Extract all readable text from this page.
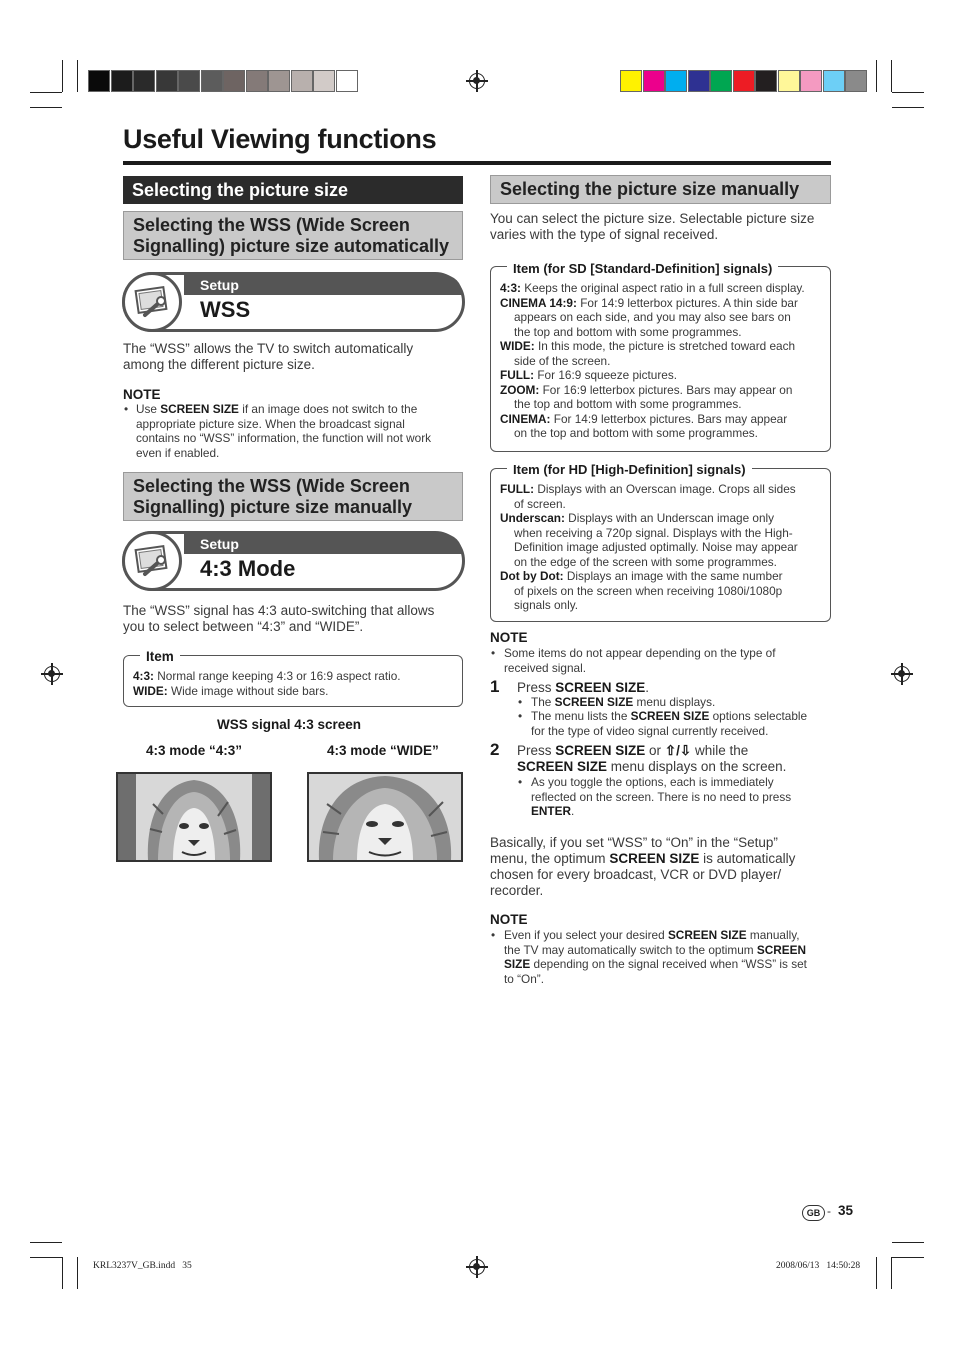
Useful Viewing functions
Selecting the picture size
Selecting the WSS (Wide Screen
Signalling) picture size automatically
Setup
WSS
The “WSS” allows the TV to switch automatically
among the different picture size.
NOTE
• Use SCREEN SIZE if an image does not switch to the
appropriate picture size. When the broadcast signal
contains no “WSS” information, the function will not work
even if enabled.
Selecting the WSS (Wide Screen
Signalling) picture size manually
Setup
4:3 Mode
The “WSS” signal has 4:3 auto-switching that allows
you to select between “4:3” and “WIDE”.
Item
4:3: Normal range keeping 4:3 or 16:9 aspect ratio.
WIDE: Wide image without side bars.
WSS signal 4:3 screen
4:3 mode “4:3”	4:3 mode “WIDE”
Selecting the picture size manually
You can select the picture size. Selectable picture size
varies with the type of signal received.
Item (for SD [Standard-Definition] signals)
4:3: Keeps the original aspect ratio in a full screen display.
CINEMA 14:9: For 14:9 letterbox pictures. A thin side bar
appears on each side, and you may also see bars on
the top and bottom with some programmes.
WIDE: In this mode, the picture is stretched toward each
side of the screen.
FULL: For 16:9 squeeze pictures.
ZOOM: For 16:9 letterbox pictures. Bars may appear on
the top and bottom with some programmes.
CINEMA: For 14:9 letterbox pictures. Bars may appear
on the top and bottom with some programmes.
Item (for HD [High-Definition] signals)
FULL: Displays with an Overscan image. Crops all sides
of screen.
Underscan: Displays with an Underscan image only
when receiving a 720p signal. Displays with the High-
Definition image adjusted optimally. Noise may appear
on the edge of the screen with some programmes.
Dot by Dot: Displays an image with the same number
of pixels on the screen when receiving 1080i/1080p
signals only.
NOTE
• Some items do not appear depending on the type of
received signal.
1 Press SCREEN SIZE.
• The SCREEN SIZE menu displays.
• The menu lists the SCREEN SIZE options selectable
for the type of video signal currently received.
2 Press SCREEN SIZE or ⇧/⇩ while the
SCREEN SIZE menu displays on the screen.
• As you toggle the options, each is immediately
reflected on the screen. There is no need to press
ENTER.
Basically, if you set “WSS” to “On” in the “Setup”
menu, the optimum SCREEN SIZE is automatically
chosen for every broadcast, VCR or DVD player/
recorder.
NOTE
• Even if you select your desired SCREEN SIZE manually,
the TV may automatically switch to the optimum SCREEN
SIZE depending on the signal received when “WSS” is set
to “On”.
GB - 35
KRL3237V_GB.indd   35	2008/06/13   14:50:28
